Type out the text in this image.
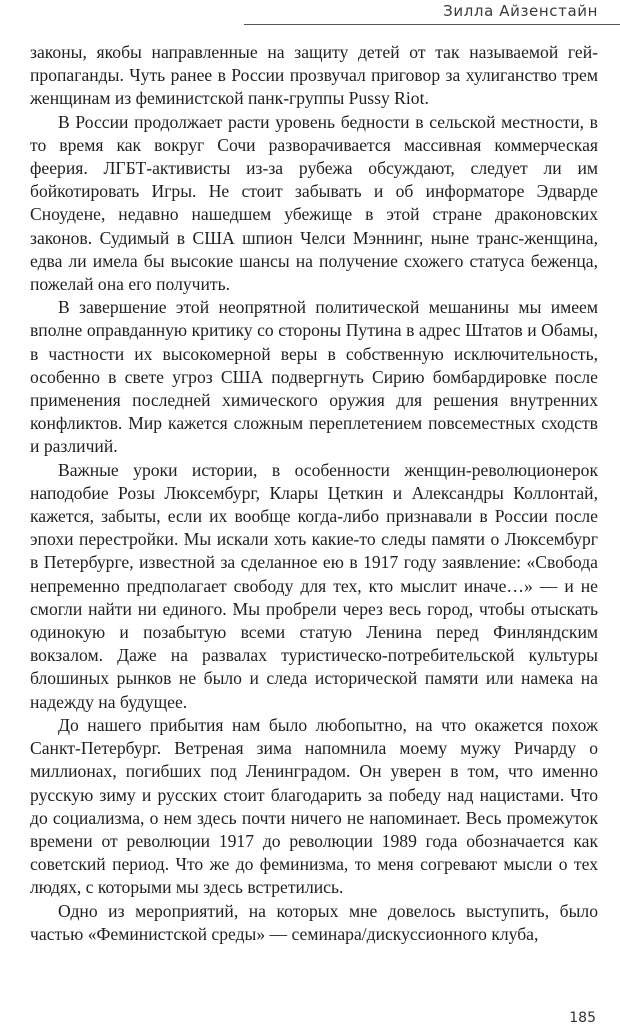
Зилла Айзенстайн

законы, якобы направленные на защиту детей от так называемой гей-пропаганды. Чуть ранее в России прозвучал приговор за хулиганство трем женщинам из феминистской панк-группы Pussy Riot.

В России продолжает расти уровень бедности в сельской местности, в то время как вокруг Сочи разворачивается массивная коммерческая феерия. ЛГБТ-активисты из-за рубежа обсуждают, следует ли им бойкотировать Игры. Не стоит забывать и об информаторе Эдварде Сноудене, недавно нашедшем убежище в этой стране драконовских законов. Судимый в США шпион Челси Мэннинг, ныне транс-женщина, едва ли имела бы высокие шансы на получение схожего статуса беженца, пожелай она его получить.

В завершение этой неопрятной политической мешанины мы имеем вполне оправданную критику со стороны Путина в адрес Штатов и Обамы, в частности их высокомерной веры в собственную исключительность, особенно в свете угроз США подвергнуть Сирию бомбардировке после применения последней химического оружия для решения внутренних конфликтов. Мир кажется сложным переплетением повсеместных сходств и различий.

Важные уроки истории, в особенности женщин-революционерок наподобие Розы Люксембург, Клары Цеткин и Александры Коллонтай, кажется, забыты, если их вообще когда-либо признавали в России после эпохи перестройки. Мы искали хоть какие-то следы памяти о Люксембург в Петербурге, известной за сделанное ею в 1917 году заявление: «Свобода непременно предполагает свободу для тех, кто мыслит иначе…» — и не смогли найти ни единого. Мы пробрели через весь город, чтобы отыскать одинокую и позабытую всеми статую Ленина перед Финляндским вокзалом. Даже на развалах туристическо-потребительской культуры блошиных рынков не было и следа исторической памяти или намека на надежду на будущее.

До нашего прибытия нам было любопытно, на что окажется похож Санкт-Петербург. Ветреная зима напомнила моему мужу Ричарду о миллионах, погибших под Ленинградом. Он уверен в том, что именно русскую зиму и русских стоит благодарить за победу над нацистами. Что до социализма, о нем здесь почти ничего не напоминает. Весь промежуток времени от революции 1917 до революции 1989 года обозначается как советский период. Что же до феминизма, то меня согревают мысли о тех людях, с которыми мы здесь встретились.

Одно из мероприятий, на которых мне довелось выступить, было частью «Феминистской среды» — семинара/дискуссионного клуба,

185
